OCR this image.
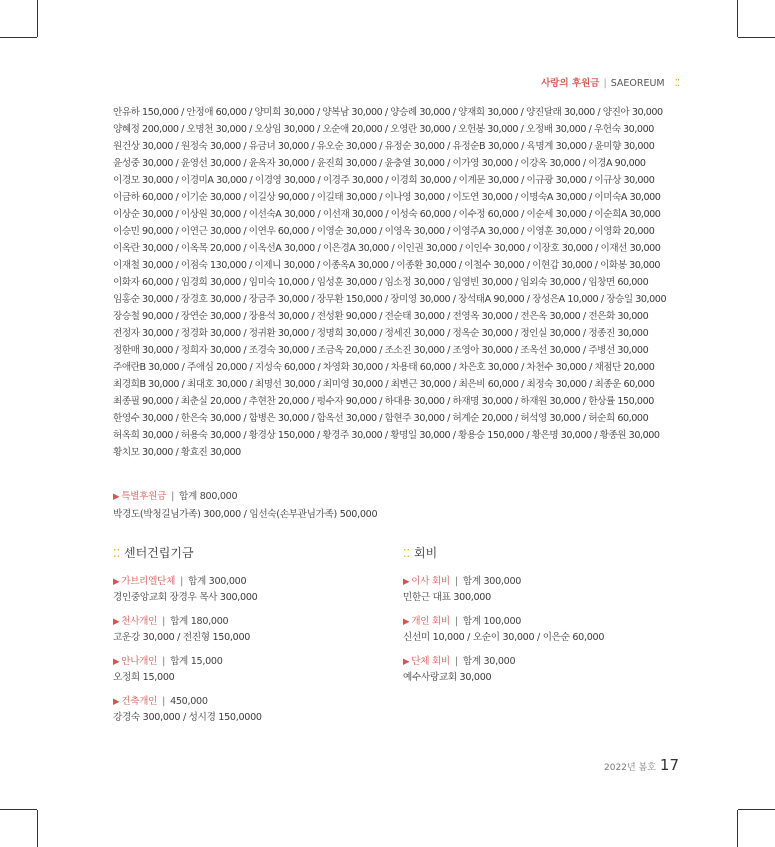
사랑의 후원금 | SAEOREUM ⁚⁚
안유하 150,000 / 안정애 60,000 / 양미희 30,000 / 양복남 30,000 / 양승례 30,000 / 양재희 30,000 / 양진달래 30,000 / 양진아 30,000
양혜정 200,000 / 오명천 30,000 / 오상임 30,000 / 오순애 20,000 / 오영란 30,000 / 오헌봉 30,000 / 오정배 30,000 / 우헌숙 30,000
원건상 30,000 / 원정숙 30,000 / 유금녀 30,000 / 유오순 30,000 / 유정순 30,000 / 유정순B 30,000 / 육명계 30,000 / 윤미향 30,000
윤성중 30,000 / 윤영선 30,000 / 윤옥자 30,000 / 윤진희 30,000 / 윤충열 30,000 / 이가영 30,000 / 이강옥 30,000 / 이경A 90,000
이경모 30,000 / 이경미A 30,000 / 이경영 30,000 / 이경주 30,000 / 이경희 30,000 / 이계문 30,000 / 이규광 30,000 / 이규상 30,000
이금하 60,000 / 이기순 30,000 / 이길상 90,000 / 이길태 30,000 / 이나영 30,000 / 이도연 30,000 / 이명숙A 30,000 / 이미숙A 30,000
이상순 30,000 / 이상원 30,000 / 이선숙A 30,000 / 이선재 30,000 / 이성숙 60,000 / 이수정 60,000 / 이순세 30,000 / 이순희A 30,000
이승민 90,000 / 이연근 30,000 / 이연우 60,000 / 이영순 30,000 / 이영옥 30,000 / 이영주A 30,000 / 이영훈 30,000 / 이영화 20,000
이옥란 30,000 / 이옥목 20,000 / 이옥선A 30,000 / 이은경A 30,000 / 이인권 30,000 / 이인수 30,000 / 이장호 30,000 / 이재선 30,000
이재철 30,000 / 이점숙 130,000 / 이제니 30,000 / 이종옥A 30,000 / 이종환 30,000 / 이철수 30,000 / 이현갑 30,000 / 이화봉 30,000
이화자 60,000 / 임경희 30,000 / 임미숙 10,000 / 임성훈 30,000 / 임소정 30,000 / 임영빈 30,000 / 임외숙 30,000 / 임창면 60,000
임홍순 30,000 / 장경호 30,000 / 장금주 30,000 / 장무환 150,000 / 장미영 30,000 / 장석태A 90,000 / 장성은A 10,000 / 장승일 30,000
장승철 90,000 / 장연순 30,000 / 장용석 30,000 / 전성환 90,000 / 전순태 30,000 / 전영옥 30,000 / 전은옥 30,000 / 전은화 30,000
전정자 30,000 / 정경화 30,000 / 정귀환 30,000 / 정명희 30,000 / 정세진 30,000 / 정옥순 30,000 / 정인실 30,000 / 정종진 30,000
정한매 30,000 / 정희자 30,000 / 조경숙 30,000 / 조금옥 20,000 / 조소진 30,000 / 조영아 30,000 / 조옥선 30,000 / 주병선 30,000
주애란B 30,000 / 주애심 20,000 / 지성숙 60,000 / 차영화 30,000 / 차용태 60,000 / 차은호 30,000 / 차천수 30,000 / 채점단 20,000
최경희B 30,000 / 최대호 30,000 / 최명선 30,000 / 최미영 30,000 / 최변근 30,000 / 최은비 60,000 / 최정숙 30,000 / 최종운 60,000
최종필 90,000 / 최춘실 20,000 / 추현찬 20,000 / 펑수자 90,000 / 하대용 30,000 / 하재명 30,000 / 하재원 30,000 / 한상률 150,000
한영수 30,000 / 한은숙 30,000 / 함병은 30,000 / 함옥선 30,000 / 함현주 30,000 / 허계순 20,000 / 허석영 30,000 / 허순희 60,000
허옥희 30,000 / 허용숙 30,000 / 황경상 150,000 / 황경주 30,000 / 황명일 30,000 / 황용승 150,000 / 황은명 30,000 / 황종원 30,000
황치모 30,000 / 황효진 30,000
▶ 특별후원금 | 합계 800,000
박경도(박청길님가족) 300,000 / 임선숙(손부관님가족) 500,000
⁚⁚ 센터건립기금
▶ 가브리엘단체 | 합계 300,000
경인중앙교회 장경우 목사 300,000
▶ 천사개인 | 합계 180,000
고운강 30,000 / 전진형 150,000
▶ 안나개인 | 합계 15,000
오정희 15,000
▶ 건축개인 | 450,000
강경숙 300,000 / 성시경 150,0000
⁚⁚ 회비
▶ 이사 회비 | 합계 300,000
민한근 대표 300,000
▶ 개인 회비 | 합계 100,000
신선미 10,000 / 오순이 30,000 / 이은순 60,000
▶ 단체 회비 | 합계 30,000
예수사랑교회 30,000
2022년 봄호 17
